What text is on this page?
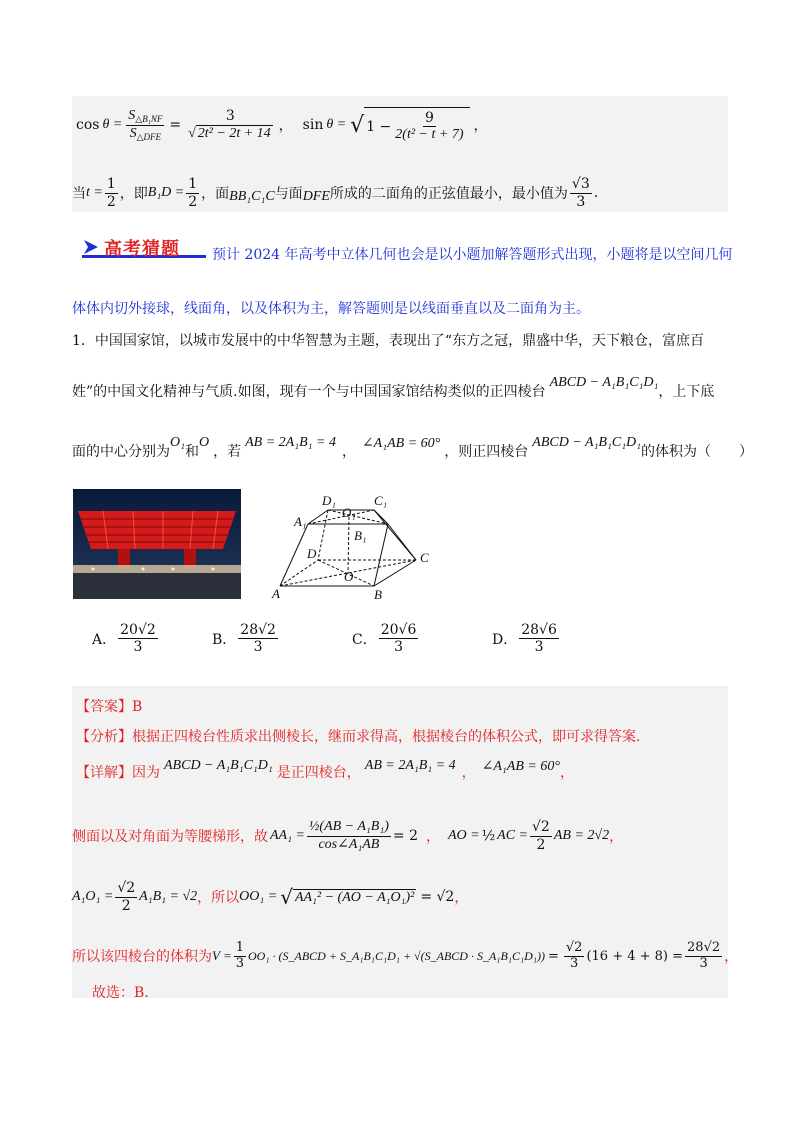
$\cos \theta = \frac{S_{\triangle B_1NF}}{S_{\triangle DFE}} = \frac{3}{\text{√ 2t² − 2t + 14}}$ ， sin θ = √ $1 - \frac{9}{\text{2(t² − t + 7)}}$ ，
当 $t = \frac{1}{2}$ ，即 $B_1D = \frac{1}{2}$ ，面 BB₁C₁C 与面 DFE 所成的二面角的正弦值最小，最小值为 $\frac{√3}{3}$ .
高考猜题 预计 2024 年高考中立体几何也会是以小题加解答题形式出现，小题将是以空间几何
体体内切外接球，线面角，以及体积为主，解答题则是以线面垂直以及二面角为主。
1．中国国家馆，以城市发展中的中华智慧为主题，表现出了“东方之冠，鼎盛中华，天下粮仓，富庶百
姓”的中国文化精神与气质.如图，现有一个与中国国家馆结构类似的正四棱台
ABCD − A₁B₁C₁D₁
，上下底
面的中心分别为
O₁
和
O
，若
AB = 2A₁B₁ = 4
，
∠A₁AB = 60°
，则正四棱台
ABCD − A₁B₁C₁D₁
的体积为（　　）
D₁	C₁
O₁
A₁
B₁
D	C
O
A	B
A． $\frac{20√2}{3}$	B． $\frac{28√2}{3}$	C． $\frac{20√6}{3}$	D． $\frac{28√6}{3}$
【答案】B
【分析】 根据正四棱台性质求出侧棱长，继而求得高，根据棱台的体积公式，即可求得答案.
【详解】 因为 ABCD − A₁B₁C₁D₁ 是正四棱台， AB = 2A₁B₁ = 4 ， ∠A₁AB = 60° ，
侧面以及对角面为等腰梯形，故 $AA_1 = \frac{\text{½(AB − A₁B₁)}}{\text{cos∠A₁AB}} = 2$ ， AO = ½ AC = $\frac{√2}{2}$ AB = 2√2 ，
$A_1O_1 = \frac{√2}{2} A_1B_1 = √2$ ，所以 OO₁ = √ AA₁² − (AO − A₁O₁)² = √2 ，
所以该四棱台的体积为 $V = \frac{1}{3} OO_1$ · (S_ABCD + S_A₁B₁C₁D₁ + √(S_ABCD · S_A₁B₁C₁D₁)) = $\frac{√2}{3} (16 + 4 + 8) = \frac{28√2}{3}$ ，
故选：B.
